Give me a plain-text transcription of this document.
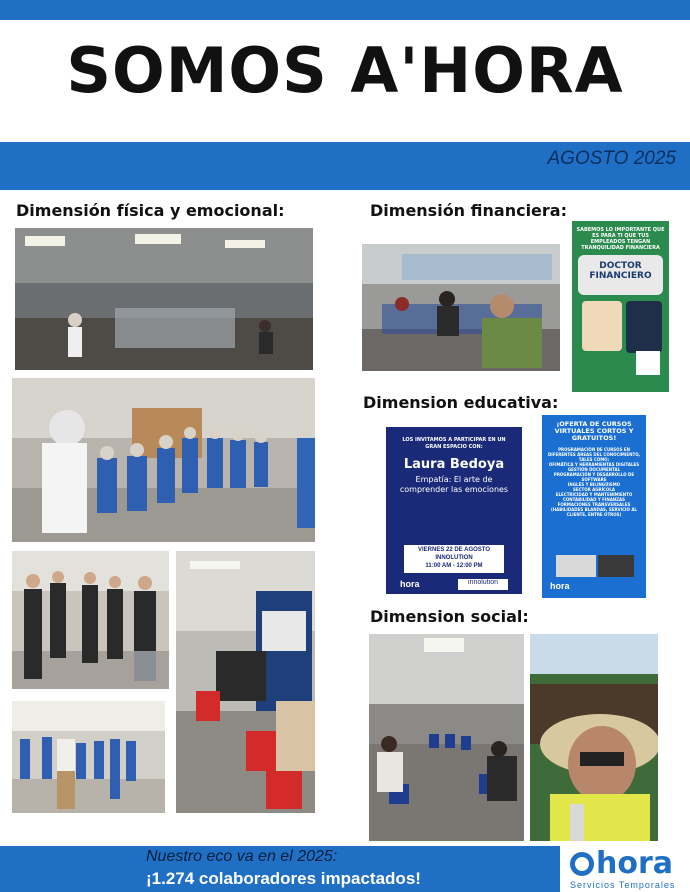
SOMOS A'HORA
AGOSTO 2025
Dimensión física y emocional:	Dimensión financiera:
Dimension educativa:
Dimension social:
SABEMOS LO IMPORTANTE QUE ES PARA TI QUE TUS EMPLEADOS TENGAN TRANQUILIDAD FINANCIERA
DOCTOR FINANCIERO
LOS INVITAMOS A PARTICIPAR EN UN GRAN ESPACIO CON:
Laura Bedoya
Empatía: El arte de comprender las emociones
VIERNES 22 DE AGOSTO
INNOLUTION
11:00 AM - 12:00 PM
hora	innolution
¡OFERTA DE CURSOS VIRTUALES CORTOS Y GRATUITOS!
PROGRAMACIÓN DE CURSOS EN DIFERENTES ÁREAS DEL CONOCIMIENTO, TALES COMO:
OFIMÁTICA Y HERRAMIENTAS DIGITALES
GESTIÓN DOCUMENTAL
PROGRAMACIÓN Y DESARROLLO DE SOFTWARE
INGLÉS Y BILINGÜISMO
SECTOR AGRÍCOLA
ELECTRICIDAD Y MANTENIMIENTO
CONTABILIDAD Y FINANZAS
FORMACIONES TRANSVERSALES (HABILIDADES BLANDAS, SERVICIO AL CLIENTE, ENTRE OTROS)
hora
Nuestro eco va en el 2025:
¡1.274 colaboradores impactados!	hora
Servicios Temporales
